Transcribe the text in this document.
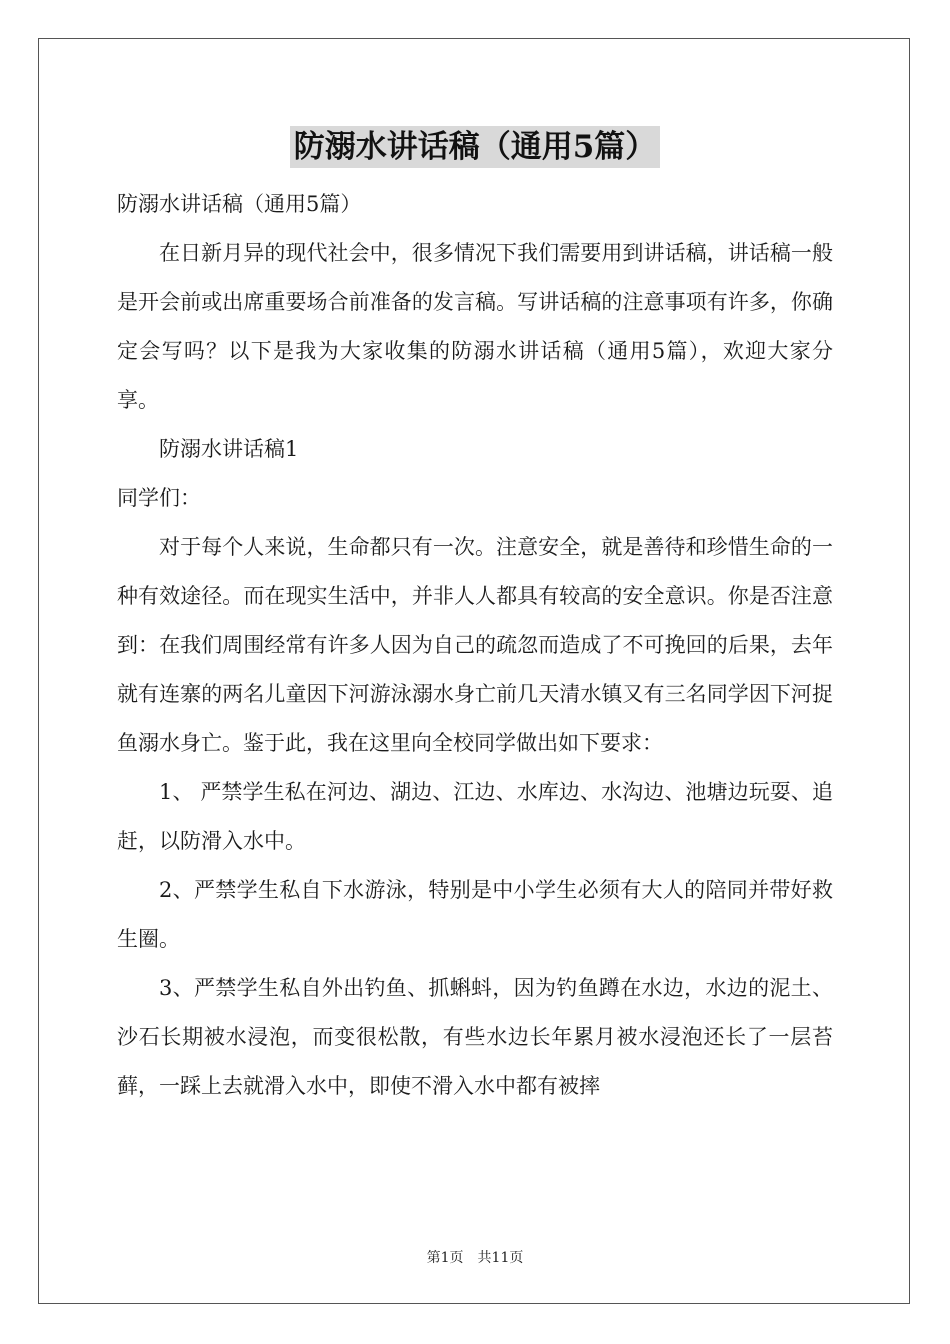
防溺水讲话稿（通用5篇）

防溺水讲话稿（通用5篇）

在日新月异的现代社会中，很多情况下我们需要用到讲话稿，讲话稿一般是开会前或出席重要场合前准备的发言稿。写讲话稿的注意事项有许多，你确定会写吗？以下是我为大家收集的防溺水讲话稿（通用5篇），欢迎大家分享。

防溺水讲话稿1

同学们：

对于每个人来说，生命都只有一次。注意安全，就是善待和珍惜生命的一种有效途径。而在现实生活中，并非人人都具有较高的安全意识。你是否注意到：在我们周围经常有许多人因为自己的疏忽而造成了不可挽回的后果，去年就有连寨的两名儿童因下河游泳溺水身亡前几天清水镇又有三名同学因下河捉鱼溺水身亡。鉴于此，我在这里向全校同学做出如下要求：

1、 严禁学生私在河边、湖边、江边、水库边、水沟边、池塘边玩耍、追赶，以防滑入水中。

2、严禁学生私自下水游泳，特别是中小学生必须有大人的陪同并带好救生圈。

3、严禁学生私自外出钓鱼、抓蝌蚪，因为钓鱼蹲在水边，水边的泥土、沙石长期被水浸泡，而变很松散，有些水边长年累月被水浸泡还长了一层苔藓，一踩上去就滑入水中，即使不滑入水中都有被摔

第1页 共11页
